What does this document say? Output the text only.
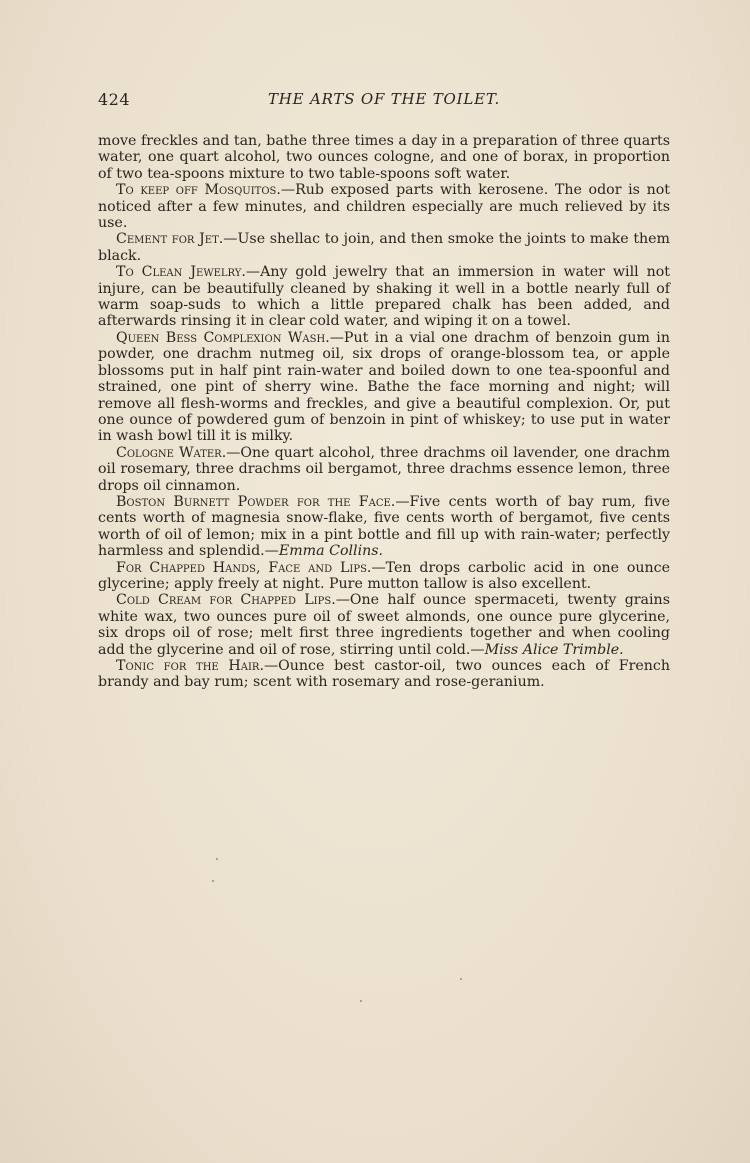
424	THE ARTS OF THE TOILET.

move freckles and tan, bathe three times a day in a preparation of three quarts water, one quart alcohol, two ounces cologne, and one of borax, in proportion of two tea-spoons mixture to two table-spoons soft water.

To keep off Mosquitos.—Rub exposed parts with kerosene. The odor is not noticed after a few minutes, and children especially are much relieved by its use.

Cement for Jet.—Use shellac to join, and then smoke the joints to make them black.

To Clean Jewelry.—Any gold jewelry that an immersion in water will not injure, can be beautifully cleaned by shaking it well in a bottle nearly full of warm soap-suds to which a little prepared chalk has been added, and afterwards rinsing it in clear cold water, and wiping it on a towel.

Queen Bess Complexion Wash.—Put in a vial one drachm of benzoin gum in powder, one drachm nutmeg oil, six drops of orange-blossom tea, or apple blossoms put in half pint rain-water and boiled down to one tea-spoonful and strained, one pint of sherry wine. Bathe the face morning and night; will remove all flesh-worms and freckles, and give a beautiful complexion. Or, put one ounce of powdered gum of benzoin in pint of whiskey; to use put in water in wash bowl till it is milky.

Cologne Water.—One quart alcohol, three drachms oil lavender, one drachm oil rosemary, three drachms oil bergamot, three drachms essence lemon, three drops oil cinnamon.

Boston Burnett Powder for the Face.—Five cents worth of bay rum, five cents worth of magnesia snow-flake, five cents worth of bergamot, five cents worth of oil of lemon; mix in a pint bottle and fill up with rain-water; perfectly harmless and splendid.—Emma Collins.

For Chapped Hands, Face and Lips.—Ten drops carbolic acid in one ounce glycerine; apply freely at night. Pure mutton tallow is also excellent.

Cold Cream for Chapped Lips.—One half ounce spermaceti, twenty grains white wax, two ounces pure oil of sweet almonds, one ounce pure glycerine, six drops oil of rose; melt first three ingredients together and when cooling add the glycerine and oil of rose, stirring until cold.—Miss Alice Trimble.

Tonic for the Hair.—Ounce best castor-oil, two ounces each of French brandy and bay rum; scent with rosemary and rose-geranium.
